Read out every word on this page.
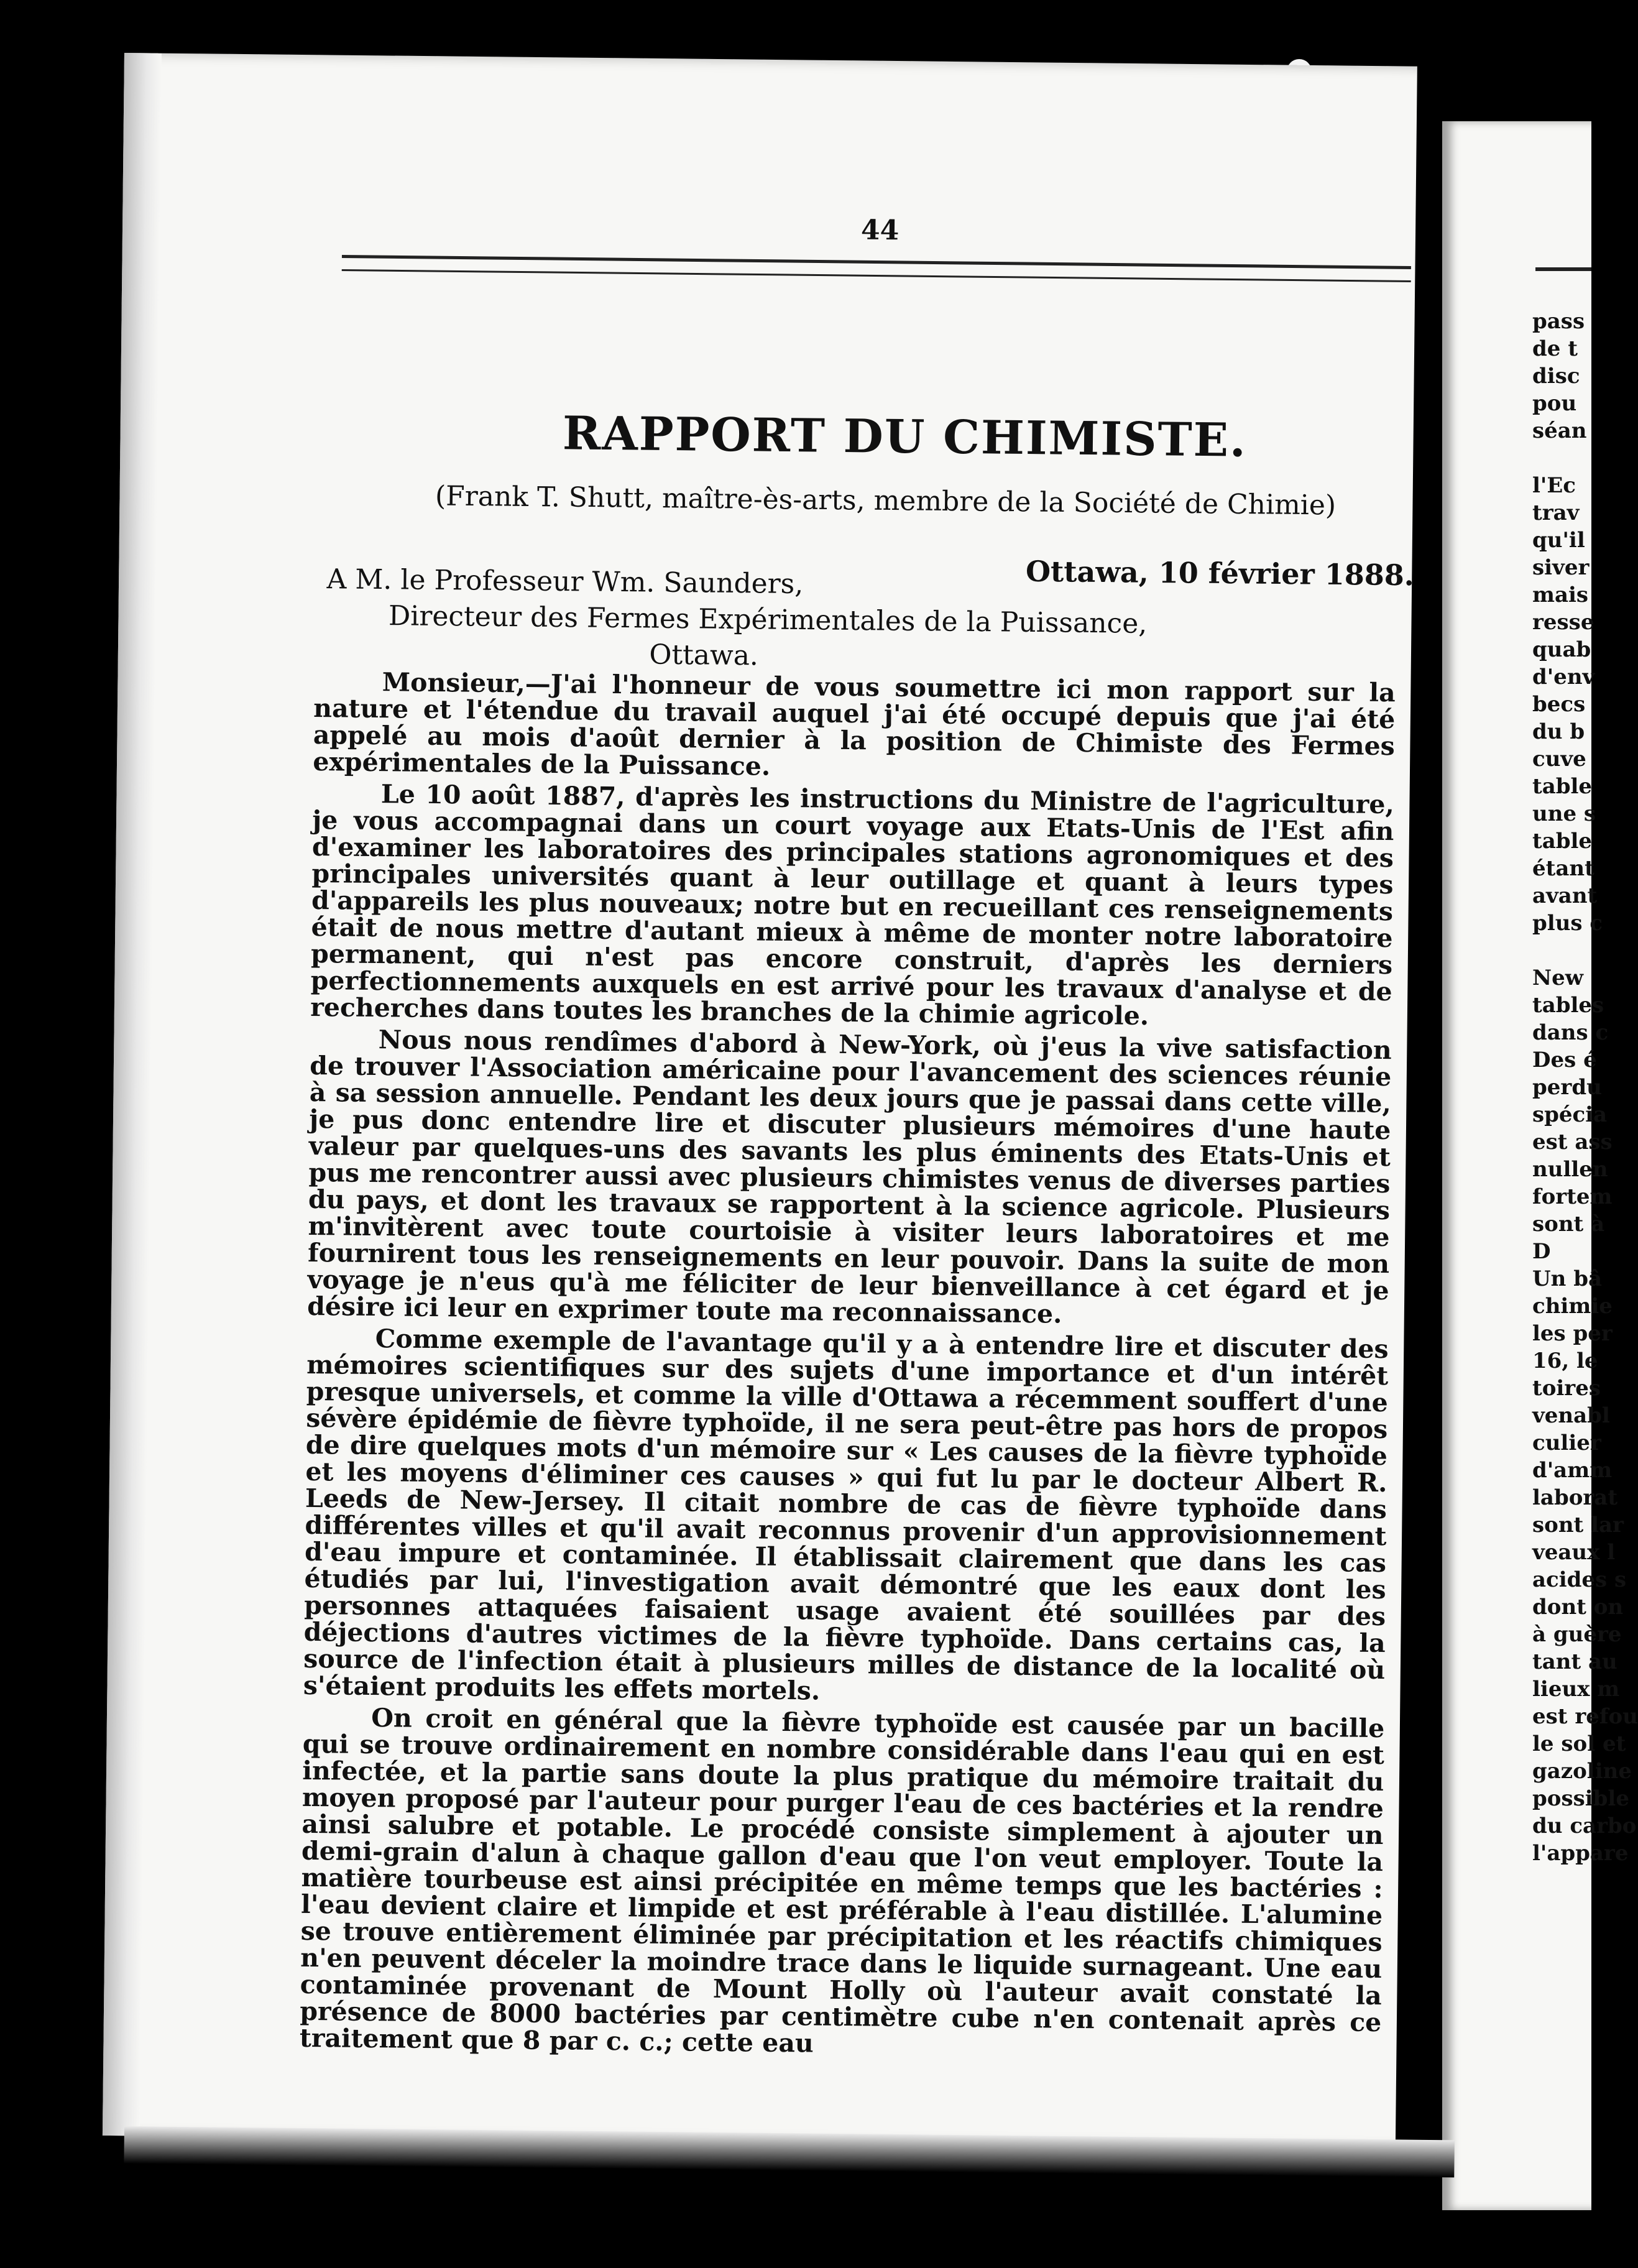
pass
de t
disc
pou
séan
l'Ec
trav
qu'il
siver
mais
resse
quab
d'env
becs
du b
cuve
table
une s
table
étant
avant
plus c
New
tables
dans c
Des é
perdu
spécia
est ass
nullen
fortem
sont à
D
Un bâ
chimie
les per
16, le
toires
venabl
culier
d'amm
laborat
sont lar
veaux l
acides s
dont on
à guère
tant au
lieux m
est refou
le sol et
gazoline
possible
du carbo
l'appare
44
RAPPORT DU CHIMISTE.
(Frank T. Shutt, maître-ès-arts, membre de la Société de Chimie)
Ottawa, 10 février 1888.
A M. le Professeur Wm. Saunders,
Directeur des Fermes Expérimentales de la Puissance,
Ottawa.

Monsieur,—J'ai l'honneur de vous soumettre ici mon rapport sur la nature et l'étendue du travail auquel j'ai été occupé depuis que j'ai été appelé au mois d'août dernier à la position de Chimiste des Fermes expérimentales de la Puissance.

Le 10 août 1887, d'après les instructions du Ministre de l'agriculture, je vous accompagnai dans un court voyage aux Etats-Unis de l'Est afin d'examiner les laboratoires des principales stations agronomiques et des principales universités quant à leur outillage et quant à leurs types d'appareils les plus nouveaux; notre but en recueillant ces renseignements était de nous mettre d'autant mieux à même de monter notre laboratoire permanent, qui n'est pas encore construit, d'après les derniers perfectionnements auxquels en est arrivé pour les travaux d'analyse et de recherches dans toutes les branches de la chimie agricole.

Nous nous rendîmes d'abord à New-York, où j'eus la vive satisfaction de trouver l'Association américaine pour l'avancement des sciences réunie à sa session annuelle. Pendant les deux jours que je passai dans cette ville, je pus donc entendre lire et discuter plusieurs mémoires d'une haute valeur par quelques-uns des savants les plus éminents des Etats-Unis et pus me rencontrer aussi avec plusieurs chimistes venus de diverses parties du pays, et dont les travaux se rapportent à la science agricole. Plusieurs m'invitèrent avec toute courtoisie à visiter leurs laboratoires et me fournirent tous les renseignements en leur pouvoir. Dans la suite de mon voyage je n'eus qu'à me féliciter de leur bienveillance à cet égard et je désire ici leur en exprimer toute ma reconnaissance.

Comme exemple de l'avantage qu'il y a à entendre lire et discuter des mémoires scientifiques sur des sujets d'une importance et d'un intérêt presque universels, et comme la ville d'Ottawa a récemment souffert d'une sévère épidémie de fièvre typhoïde, il ne sera peut-être pas hors de propos de dire quelques mots d'un mémoire sur « Les causes de la fièvre typhoïde et les moyens d'éliminer ces causes » qui fut lu par le docteur Albert R. Leeds de New-Jersey. Il citait nombre de cas de fièvre typhoïde dans différentes villes et qu'il avait reconnus provenir d'un approvisionnement d'eau impure et contaminée. Il établissait clairement que dans les cas étudiés par lui, l'investigation avait démontré que les eaux dont les personnes attaquées faisaient usage avaient été souillées par des déjections d'autres victimes de la fièvre typhoïde. Dans certains cas, la source de l'infection était à plusieurs milles de distance de la localité où s'étaient produits les effets mortels.

On croit en général que la fièvre typhoïde est causée par un bacille qui se trouve ordinairement en nombre considérable dans l'eau qui en est infectée, et la partie sans doute la plus pratique du mémoire traitait du moyen proposé par l'auteur pour purger l'eau de ces bactéries et la rendre ainsi salubre et potable. Le procédé consiste simplement à ajouter un demi-grain d'alun à chaque gallon d'eau que l'on veut employer. Toute la matière tourbeuse est ainsi précipitée en même temps que les bactéries : l'eau devient claire et limpide et est préférable à l'eau distillée. L'alumine se trouve entièrement éliminée par précipitation et les réactifs chimiques n'en peuvent déceler la moindre trace dans le liquide surnageant. Une eau contaminée provenant de Mount Holly où l'auteur avait constaté la présence de 8000 bactéries par centimètre cube n'en contenait après ce traitement que 8 par c. c.; cette eau
